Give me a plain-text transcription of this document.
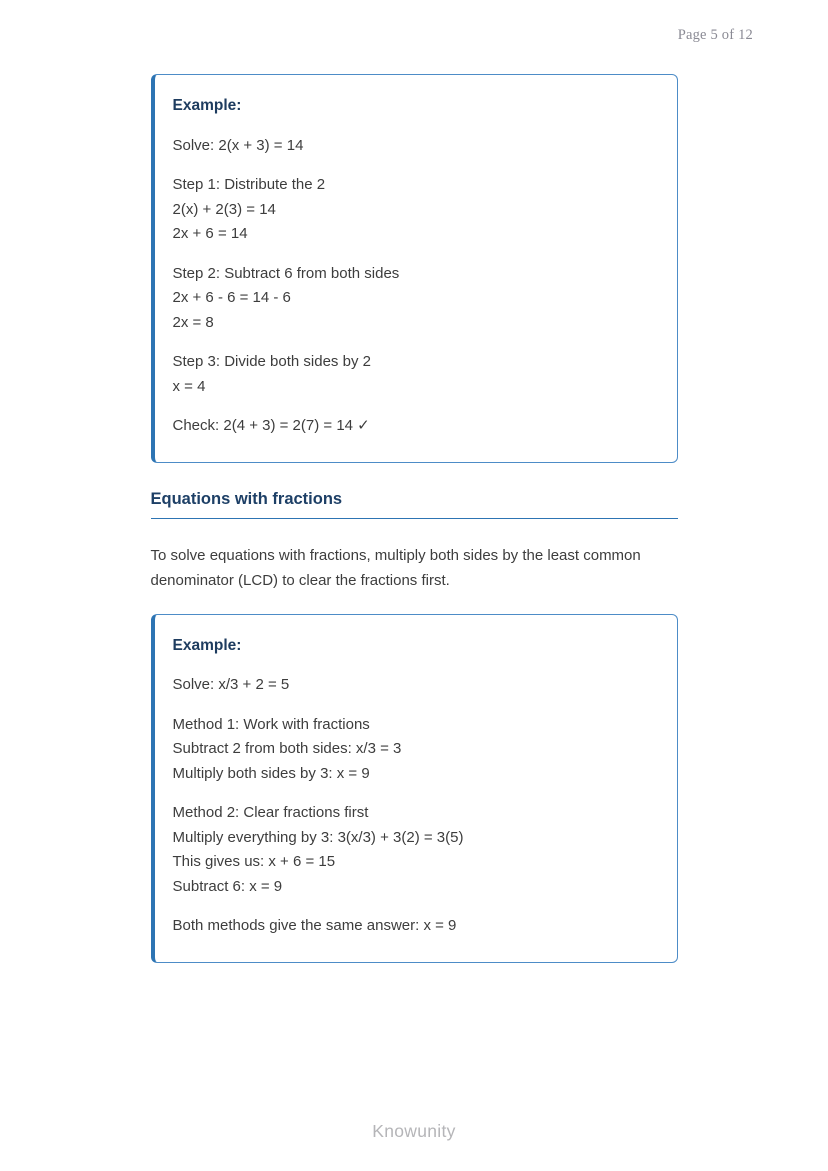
Page 5 of 12

Example:

Solve: 2(x + 3) = 14
Step 1: Distribute the 2
2(x) + 2(3) = 14
2x + 6 = 14
Step 2: Subtract 6 from both sides
2x + 6 - 6 = 14 - 6
2x = 8
Step 3: Divide both sides by 2
x = 4
Check: 2(4 + 3) = 2(7) = 14 ✓
Equations with fractions

To solve equations with fractions, multiply both sides by the least common denominator (LCD) to clear the fractions first.

Example:

Solve: x/3 + 2 = 5
Method 1: Work with fractions
Subtract 2 from both sides: x/3 = 3
Multiply both sides by 3: x = 9
Method 2: Clear fractions first
Multiply everything by 3: 3(x/3) + 3(2) = 3(5)
This gives us: x + 6 = 15
Subtract 6: x = 9
Both methods give the same answer: x = 9
Knowunity
